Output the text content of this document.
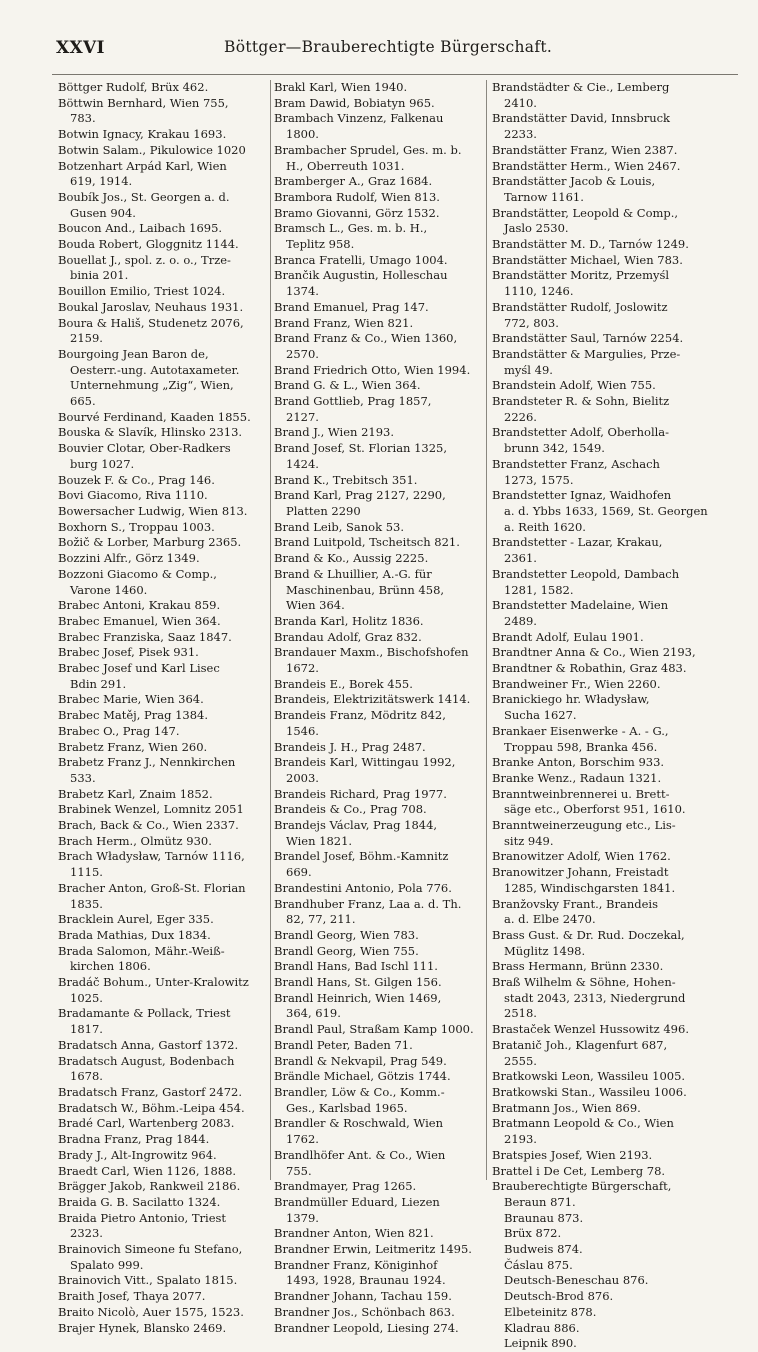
XXVI	Böttger—Brauberechtigte Bürgerschaft.
Böttger Rudolf, Brüx 462.
Böttwin Bernhard, Wien 755,
783.
Botwin Ignacy, Krakau 1693.
Botwin Salam., Pikulowice 1020
Botzenhart Arpád Karl, Wien
619, 1914.
Boubík Jos., St. Georgen a. d.
Gusen 904.
Boucon And., Laibach 1695.
Bouda Robert, Gloggnitz 1144.
Bouellat J., spol. z. o. o., Trze-
binia 201.
Bouillon Emilio, Triest 1024.
Boukal Jaroslav, Neuhaus 1931.
Boura & Hališ, Studenetz 2076,
2159.
Bourgoing Jean Baron de,
Oesterr.-ung. Autotaxameter.
Unternehmung „Zig“, Wien,
665.
Bourvé Ferdinand, Kaaden 1855.
Bouska & Slavík, Hlinsko 2313.
Bouvier Clotar, Ober-Radkers
burg 1027.
Bouzek F. & Co., Prag 146.
Bovi Giacomo, Riva 1110.
Bowersacher Ludwig, Wien 813.
Boxhorn S., Troppau 1003.
Božič & Lorber, Marburg 2365.
Bozzini Alfr., Görz 1349.
Bozzoni Giacomo & Comp.,
Varone 1460.
Brabec Antoni, Krakau 859.
Brabec Emanuel, Wien 364.
Brabec Franziska, Saaz 1847.
Brabec Josef, Pisek 931.
Brabec Josef und Karl Lisec
Bdin 291.
Brabec Marie, Wien 364.
Brabec Matěj, Prag 1384.
Brabec O., Prag 147.
Brabetz Franz, Wien 260.
Brabetz Franz J., Nennkirchen
533.
Brabetz Karl, Znaim 1852.
Brabinek Wenzel, Lomnitz 2051
Brach, Back & Co., Wien 2337.
Brach Herm., Olmütz 930.
Brach Władysław, Tarnów 1116,
1115.
Bracher Anton, Groß-St. Florian
1835.
Bracklein Aurel, Eger 335.
Brada Mathias, Dux 1834.
Brada Salomon, Mähr.-Weiß-
kirchen 1806.
Bradáč Bohum., Unter-Kralowitz
1025.
Bradamante & Pollack, Triest
1817.
Bradatsch Anna, Gastorf 1372.
Bradatsch August, Bodenbach
1678.
Bradatsch Franz, Gastorf 2472.
Bradatsch W., Böhm.-Leipa 454.
Bradé Carl, Wartenberg 2083.
Bradna Franz, Prag 1844.
Brady J., Alt-Ingrowitz 964.
Braedt Carl, Wien 1126, 1888.
Brägger Jakob, Rankweil 2186.
Braida G. B. Sacilatto 1324.
Braida Pietro Antonio, Triest
2323.
Brainovich Simeone fu Stefano,
Spalato 999.
Brainovich Vitt., Spalato 1815.
Braith Josef, Thaya 2077.
Braito Nicolò, Auer 1575, 1523.
Brajer Hynek, Blansko 2469.
Brakl Karl, Wien 1940.
Bram Dawid, Bobiatyn 965.
Brambach Vinzenz, Falkenau
1800.
Brambacher Sprudel, Ges. m. b.
H., Oberreuth 1031.
Bramberger A., Graz 1684.
Brambora Rudolf, Wien 813.
Bramo Giovanni, Görz 1532.
Bramsch L., Ges. m. b. H.,
Teplitz 958.
Branca Fratelli, Umago 1004.
Brančik Augustin, Holleschau
1374.
Brand Emanuel, Prag 147.
Brand Franz, Wien 821.
Brand Franz & Co., Wien 1360,
2570.
Brand Friedrich Otto, Wien 1994.
Brand G. & L., Wien 364.
Brand Gottlieb, Prag 1857,
2127.
Brand J., Wien 2193.
Brand Josef, St. Florian 1325,
1424.
Brand K., Trebitsch 351.
Brand Karl, Prag 2127, 2290,
Platten 2290
Brand Leib, Sanok 53.
Brand Luitpold, Tscheitsch 821.
Brand & Ko., Aussig 2225.
Brand & Lhuillier, A.-G. für
Maschinenbau, Brünn 458,
Wien 364.
Branda Karl, Holitz 1836.
Brandau Adolf, Graz 832.
Brandauer Maxm., Bischofshofen
1672.
Brandeis E., Borek 455.
Brandeis, Elektrizitätswerk 1414.
Brandeis Franz, Mödritz 842,
1546.
Brandeis J. H., Prag 2487.
Brandeis Karl, Wittingau 1992,
2003.
Brandeis Richard, Prag 1977.
Brandeis & Co., Prag 708.
Brandejs Václav, Prag 1844,
Wien 1821.
Brandel Josef, Böhm.-Kamnitz
669.
Brandestini Antonio, Pola 776.
Brandhuber Franz, Laa a. d. Th.
82, 77, 211.
Brandl Georg, Wien 783.
Brandl Georg, Wien 755.
Brandl Hans, Bad Ischl 111.
Brandl Hans, St. Gilgen 156.
Brandl Heinrich, Wien 1469,
364, 619.
Brandl Paul, Straßam Kamp 1000.
Brandl Peter, Baden 71.
Brandl & Nekvapil, Prag 549.
Brändle Michael, Götzis 1744.
Brandler, Löw & Co., Komm.-
Ges., Karlsbad 1965.
Brandler & Roschwald, Wien
1762.
Brandlhöfer Ant. & Co., Wien
755.
Brandmayer, Prag 1265.
Brandmüller Eduard, Liezen
1379.
Brandner Anton, Wien 821.
Brandner Erwin, Leitmeritz 1495.
Brandner Franz, Königinhof
1493, 1928, Braunau 1924.
Brandner Johann, Tachau 159.
Brandner Jos., Schönbach 863.
Brandner Leopold, Liesing 274.
Brandstädter & Cie., Lemberg
2410.
Brandstätter David, Innsbruck
2233.
Brandstätter Franz, Wien 2387.
Brandstätter Herm., Wien 2467.
Brandstätter Jacob & Louis,
Tarnow 1161.
Brandstätter, Leopold & Comp.,
Jaslo 2530.
Brandstätter M. D., Tarnów 1249.
Brandstätter Michael, Wien 783.
Brandstätter Moritz, Przemyśl
1110, 1246.
Brandstätter Rudolf, Joslowitz
772, 803.
Brandstätter Saul, Tarnów 2254.
Brandstätter & Margulies, Prze-
myśl 49.
Brandstein Adolf, Wien 755.
Brandsteter R. & Sohn, Bielitz
2226.
Brandstetter Adolf, Oberholla-
brunn 342, 1549.
Brandstetter Franz, Aschach
1273, 1575.
Brandstetter Ignaz, Waidhofen
a. d. Ybbs 1633, 1569, St. Georgen
a. Reith 1620.
Brandstetter - Lazar, Krakau,
2361.
Brandstetter Leopold, Dambach
1281, 1582.
Brandstetter Madelaine, Wien
2489.
Brandt Adolf, Eulau 1901.
Brandtner Anna & Co., Wien 2193,
Brandtner & Robathin, Graz 483.
Brandweiner Fr., Wien 2260.
Branickiego hr. Władysław,
Sucha 1627.
Brankaer Eisenwerke - A. - G.,
Troppau 598, Branka 456.
Branke Anton, Borschim 933.
Branke Wenz., Radaun 1321.
Branntweinbrennerei u. Brett-
säge etc., Oberforst 951, 1610.
Branntweinerzeugung etc., Lis-
sitz 949.
Branowitzer Adolf, Wien 1762.
Branowitzer Johann, Freistadt
1285, Windischgarsten 1841.
Branžovsky Frant., Brandeis
a. d. Elbe 2470.
Brass Gust. & Dr. Rud. Doczekal,
Müglitz 1498.
Brass Hermann, Brünn 2330.
Braß Wilhelm & Söhne, Hohen-
stadt 2043, 2313, Niedergrund
2518.
Brastaček Wenzel Hussowitz 496.
Bratanič Joh., Klagenfurt 687,
2555.
Bratkowski Leon, Wassileu 1005.
Bratkowski Stan., Wassileu 1006.
Bratmann Jos., Wien 869.
Bratmann Leopold & Co., Wien
2193.
Bratspies Josef, Wien 2193.
Brattel i De Cet, Lemberg 78.
Brauberechtigte Bürgerschaft,
Beraun 871.
Braunau 873.
Brüx 872.
Budweis 874.
Čáslau 875.
Deutsch-Beneschau 876.
Deutsch-Brod 876.
Elbeteinitz 878.
Kladrau 886.
Leipnik 890.
